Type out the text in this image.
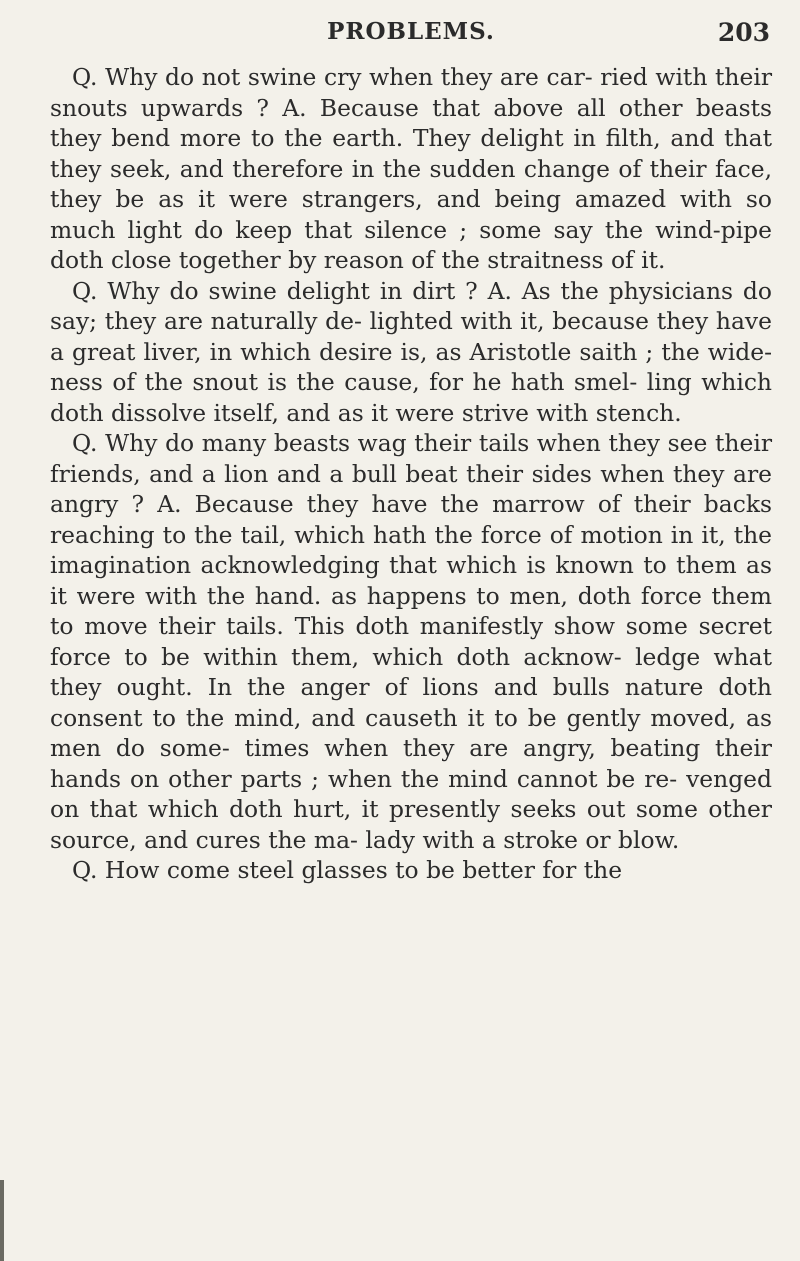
PROBLEMS.	203

Q. Why do not swine cry when they are car- ried with their snouts upwards ? A. Because that above all other beasts they bend more to the earth. They delight in filth, and that they seek, and therefore in the sudden change of their face, they be as it were strangers, and being amazed with so much light do keep that silence ; some say the wind-pipe doth close together by reason of the straitness of it.

Q. Why do swine delight in dirt ? A. As the physicians do say; they are naturally de- lighted with it, because they have a great liver, in which desire is, as Aristotle saith ; the wide- ness of the snout is the cause, for he hath smel- ling which doth dissolve itself, and as it were strive with stench.

Q. Why do many beasts wag their tails when they see their friends, and a lion and a bull beat their sides when they are angry ? A. Because they have the marrow of their backs reaching to the tail, which hath the force of motion in it, the imagination acknowledging that which is known to them as it were with the hand. as happens to men, doth force them to move their tails. This doth manifestly show some secret force to be within them, which doth acknow- ledge what they ought. In the anger of lions and bulls nature doth consent to the mind, and causeth it to be gently moved, as men do some- times when they are angry, beating their hands on other parts ; when the mind cannot be re- venged on that which doth hurt, it presently seeks out some other source, and cures the ma- lady with a stroke or blow.

Q. How come steel glasses to be better for the
